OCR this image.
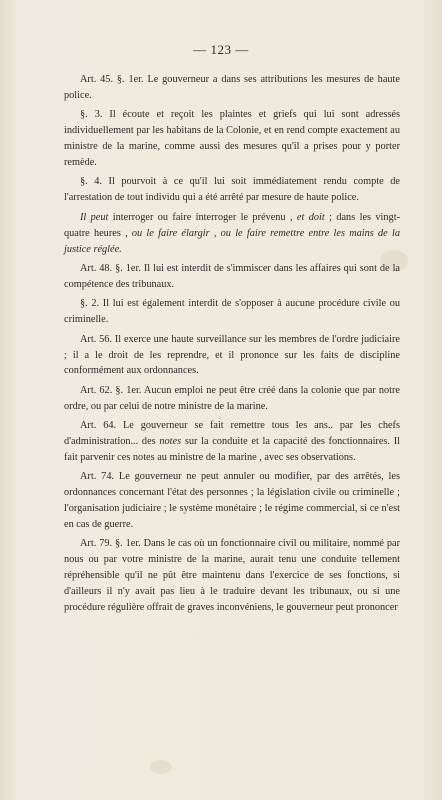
— 123 —

Art. 45. §. 1er. Le gouverneur a dans ses attributions les mesures de haute police.

§. 3. Il écoute et reçoit les plaintes et griefs qui lui sont adressés individuellement par les habitans de la Colonie, et en rend compte exactement au ministre de la marine, comme aussi des mesures qu'il a prises pour y porter remède.

§. 4. Il pourvoit à ce qu'il lui soit immédiatement rendu compte de l'arrestation de tout individu qui a été arrêté par mesure de haute police.

Il peut interroger ou faire interroger le prévenu , et doit ; dans les vingt-quatre heures , ou le faire élargir , ou le faire remettre entre les mains de la justice réglée.

Art. 48. §. 1er. Il lui est interdit de s'immiscer dans les affaires qui sont de la compétence des tribunaux.

§. 2. Il lui est également interdit de s'opposer à aucune procédure civile ou criminelle.

Art. 56. Il exerce une haute surveillance sur les membres de l'ordre judiciaire ; il a le droit de les reprendre, et il prononce sur les faits de discipline conformément aux ordonnances.

Art. 62. §. 1er. Aucun emploi ne peut être créé dans la colonie que par notre ordre, ou par celui de notre ministre de la marine.

Art. 64. Le gouverneur se fait remettre tous les ans.. par les chefs d'administration... des notes sur la conduite et la capacité des fonctionnaires. Il fait parvenir ces notes au ministre de la marine , avec ses observations.

Art. 74. Le gouverneur ne peut annuler ou modifier, par des arrêtés, les ordonnances concernant l'état des personnes ; la législation civile ou criminelle ; l'organisation judiciaire ; le système monétaire ; le régime commercial, si ce n'est en cas de guerre.

Art. 79. §. 1er. Dans le cas où un fonctionnaire civil ou militaire, nommé par nous ou par votre ministre de la marine, aurait tenu une conduite tellement répréhensible qu'il ne pût être maintenu dans l'exercice de ses fonctions, si d'ailleurs il n'y avait pas lieu à le traduire devant les tribunaux, ou si une procédure régulière offrait de graves inconvéniens, le gouverneur peut prononcer
